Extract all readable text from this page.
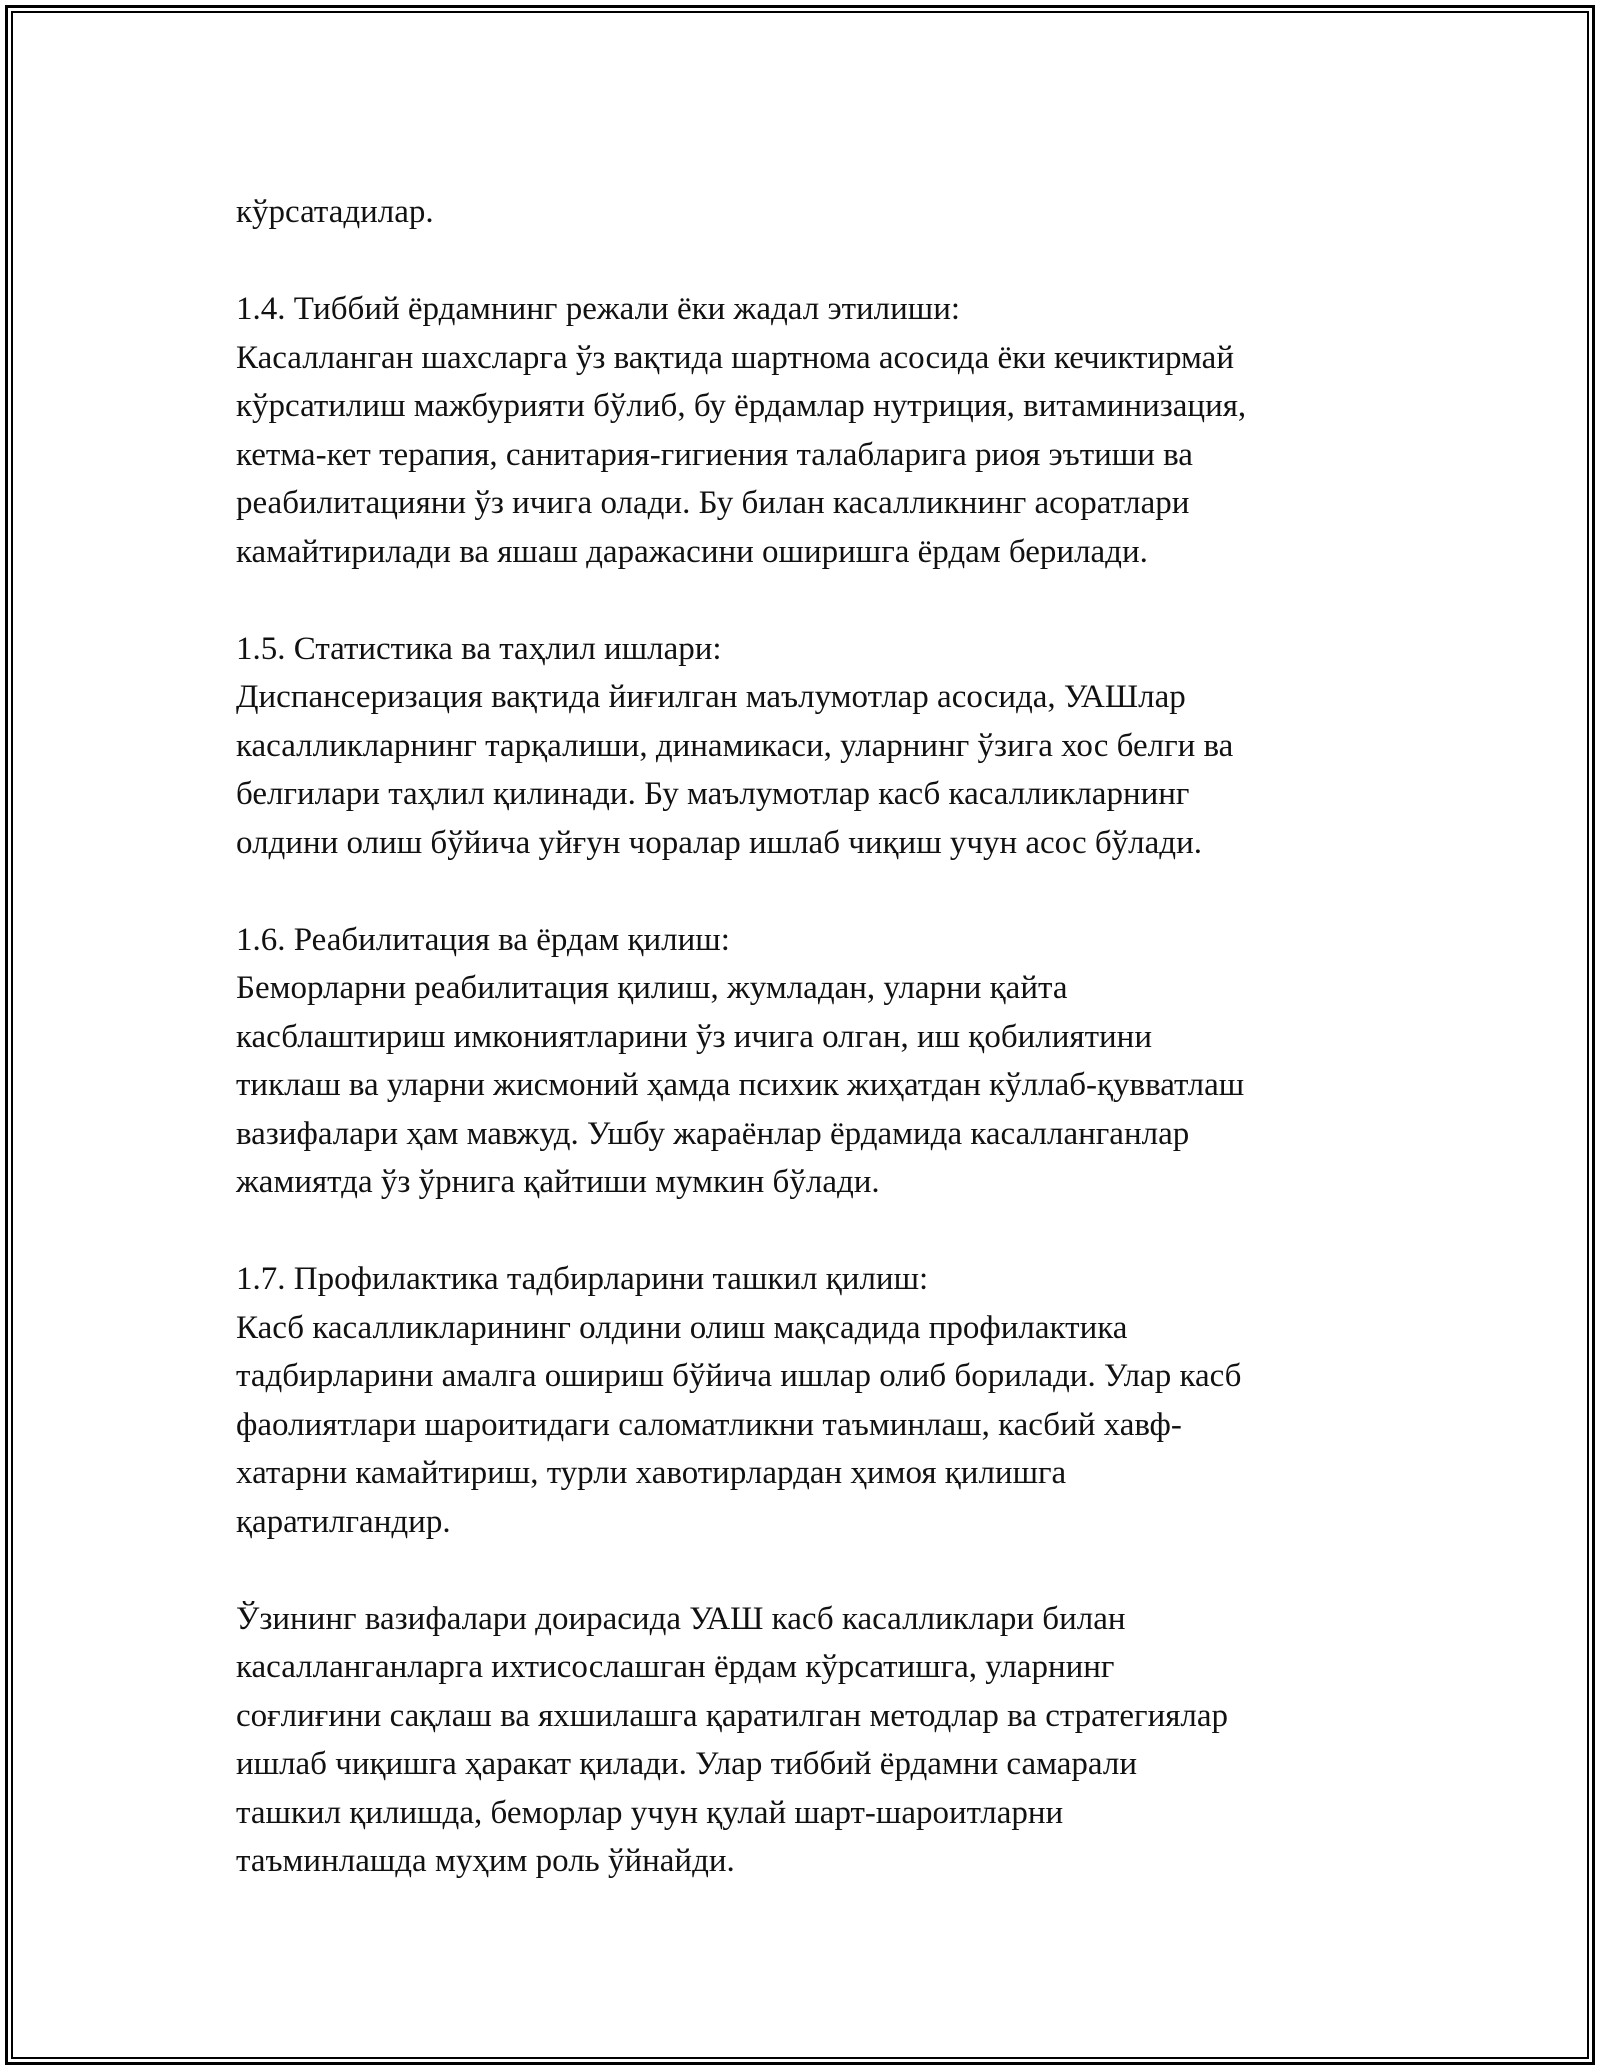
кўрсатадилар.
1.4. Тиббий ёрдамнинг режали ёки жадал этилиши:
Касалланган шахсларга ўз вақтида шартнома асосида ёки кечиктирмай
кўрсатилиш мажбурияти бўлиб, бу ёрдамлар нутриция, витаминизация,
кетма-кет терапия, санитария-гигиения талабларига риоя эътиши ва
реабилитацияни ўз ичига олади. Бу билан касалликнинг асоратлари
камайтирилади ва яшаш даражасини оширишга ёрдам берилади.
1.5. Статистика ва таҳлил ишлари:
Диспансеризация вақтида йиғилган маълумотлар асосида, УАШлар
касалликларнинг тарқалиши, динамикаси, уларнинг ўзига хос белги ва
белгилари таҳлил қилинади. Бу маълумотлар касб касалликларнинг
олдини олиш бўйича уйғун чоралар ишлаб чиқиш учун асос бўлади.
1.6. Реабилитация ва ёрдам қилиш:
Беморларни реабилитация қилиш, жумладан, уларни қайта
касблаштириш имкониятларини ўз ичига олган, иш қобилиятини
тиклаш ва уларни жисмоний ҳамда психик жиҳатдан кўллаб-қувватлаш
вазифалари ҳам мавжуд. Ушбу жараёнлар ёрдамида касалланганлар
жамиятда ўз ўрнига қайтиши мумкин бўлади.
1.7. Профилактика тадбирларини ташкил қилиш:
Касб касалликларининг олдини олиш мақсадида профилактика
тадбирларини амалга ошириш бўйича ишлар олиб борилади. Улар касб
фаолиятлари шароитидаги саломатликни таъминлаш, касбий хавф-
хатарни камайтириш, турли хавотирлардан ҳимоя қилишга
қаратилгандир.
Ўзининг вазифалари доирасида УАШ касб касалликлари билан
касалланганларга ихтисослашган ёрдам кўрсатишга, уларнинг
соғлиғини сақлаш ва яхшилашга қаратилган методлар ва стратегиялар
ишлаб чиқишга ҳаракат қилади. Улар тиббий ёрдамни самарали
ташкил қилишда, беморлар учун қулай шарт-шароитларни
таъминлашда муҳим роль ўйнайди.
